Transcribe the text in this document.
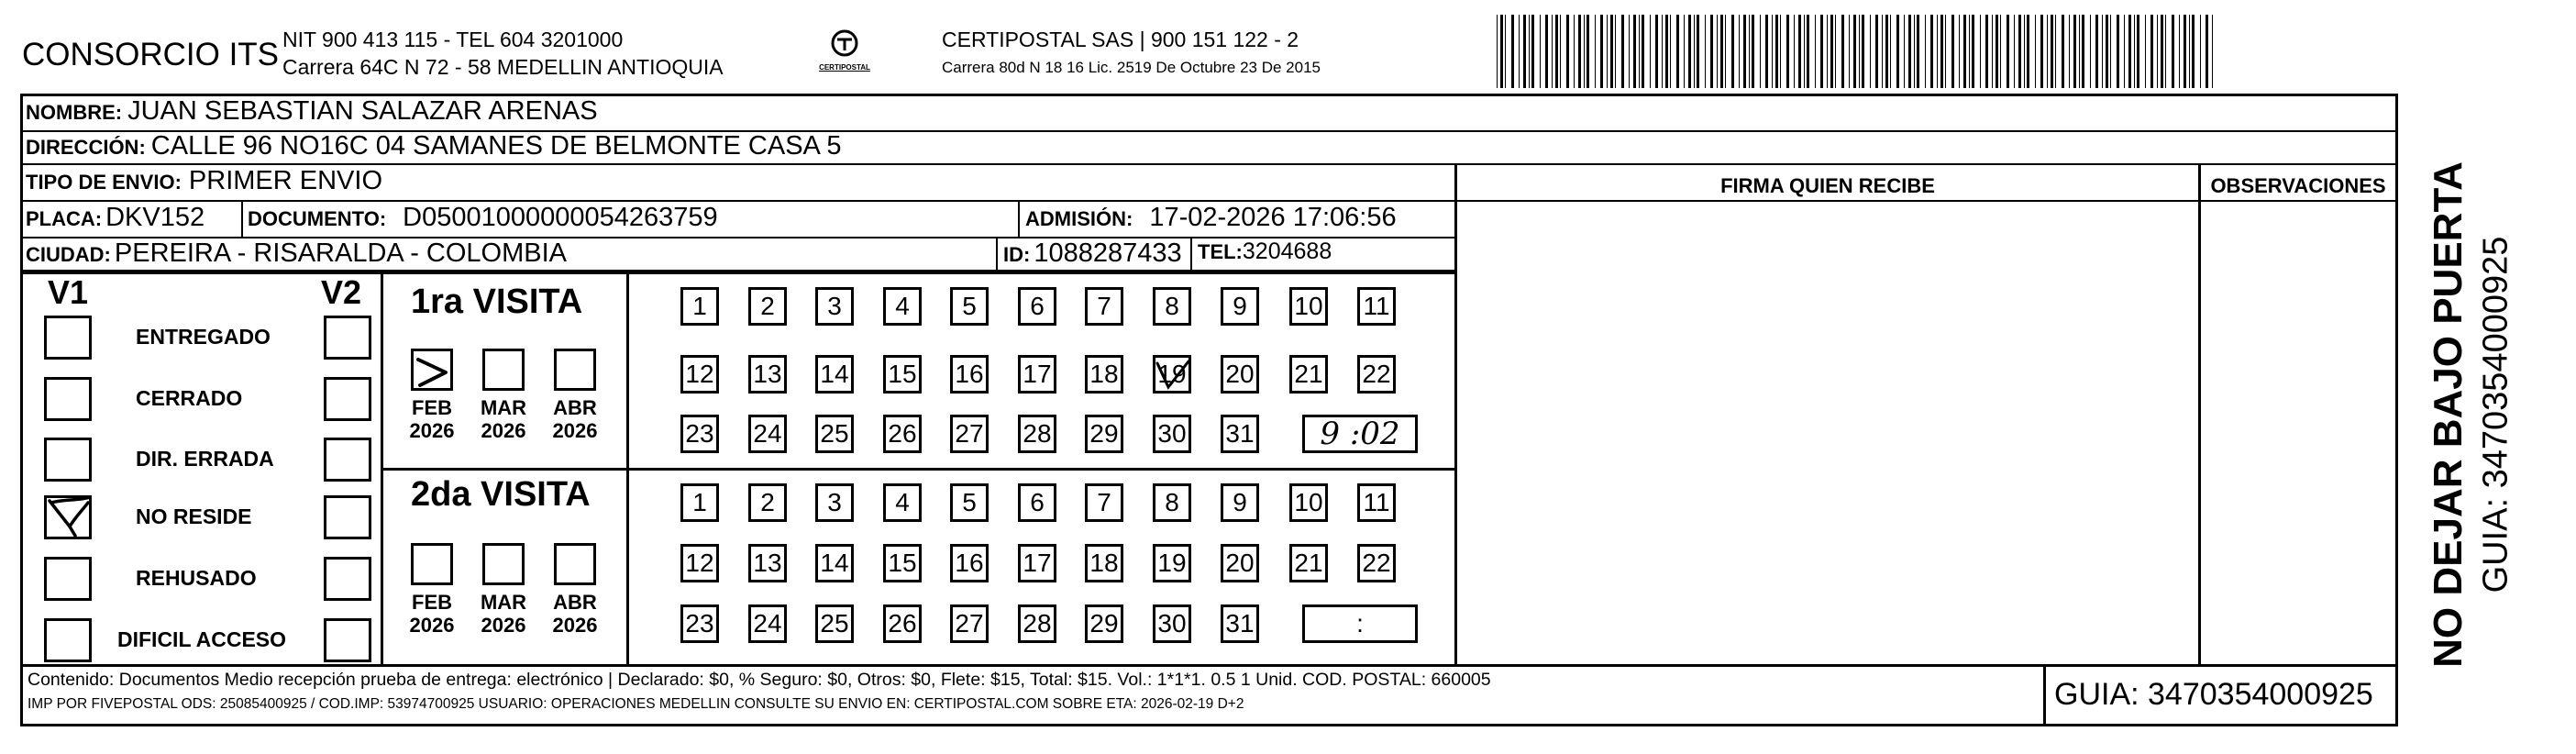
CONSORCIO ITS NIT 900 413 115 - TEL 604 3201000
Carrera 64C N 72 - 58 MEDELLIN ANTIOQUIA	CERTIPOSTAL
CERTIPOSTAL SAS | 900 151 122 - 2
Carrera 80d N 18 16 Lic. 2519 De Octubre 23 De 2015
NO DEJAR BAJO PUERTA GUIA: 3470354000925
NOMBRE: JUAN SEBASTIAN SALAZAR ARENAS
DIRECCIÓN: CALLE 96 NO16C 04 SAMANES DE BELMONTE CASA 5
TIPO DE ENVIO: PRIMER ENVIO	FIRMA QUIEN RECIBE	OBSERVACIONES
PLACA: DKV152 DOCUMENTO: D05001000000054263759	ADMISIÓN: 17-02-2026 17:06:56
CIUDAD: PEREIRA - RISARALDA - COLOMBIA	ID: 1088287433 TEL: 3204688
V1	V2 1ra VISITA
2da VISITA
Contenido: Documentos Medio recepción prueba de entrega: electrónico | Declarado: $0, % Seguro: $0, Otros: $0, Flete: $15, Total: $15. Vol.: 1*1*1. 0.5 1 Unid. COD. POSTAL: 660005
IMP POR FIVEPOSTAL ODS: 25085400925 / COD.IMP: 53974700925 USUARIO: OPERACIONES MEDELLIN CONSULTE SU ENVIO EN: CERTIPOSTAL.COM SOBRE ETA: 2026-02-19 D+2	GUIA: 3470354000925
ENTREGADO
CERRADO
DIR. ERRADA
NO RESIDE
REHUSADO
DIFICIL ACCESO
FEB
2026
MAR
2026
ABR
2026
FEB
2026
MAR
2026
ABR
2026
1	2	3	4	5	6	7	8	9	10 11
12 13 14 15 16 17 18 19 20 21 22
23 24 25 26 27 28 29 30 31	9 :02
1	2	3	4	5	6	7	8	9	10 11
12 13 14 15 16 17 18 19 20 21 22
23 24 25 26 27 28 29 30 31	:
